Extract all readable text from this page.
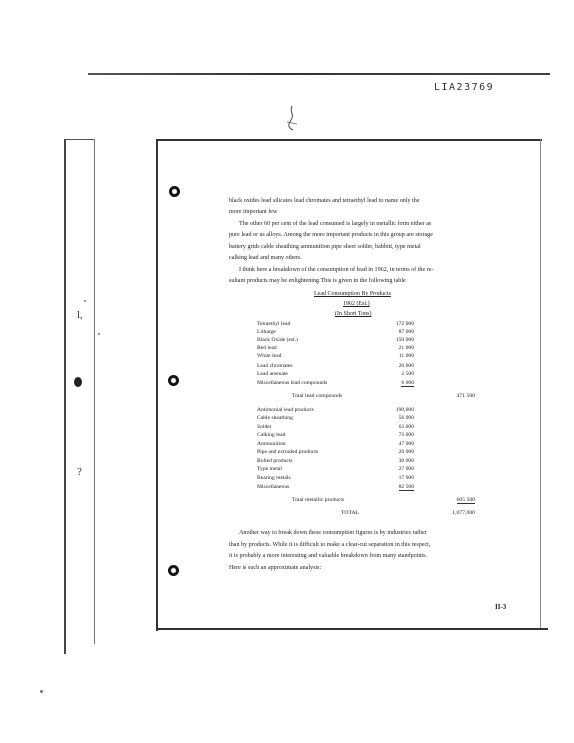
LIA23769
l,
?
black oxides lead silicates lead chromates and tetraethyl lead to name only the
more important few
The other 60 per cent of the lead consumed is largely in metallic form either as
pure lead or as alloys. Among the more important products in this group are storage
battery grids cable sheathing ammunition pipe sheet solder, babbitt, type metal
calking lead and many others.
I think here a breakdown of the consumption of lead in 1962, in terms of the re-
sultant products may be enlightening This is given in the following table
Lead Consumption By Products
1962 (Est.)
(In Short Tons)
Tetraethyl lead	172 000
Litharge	87 000
Black Oxide (est.)	150 000
Red lead	21 000
White lead	11 000
Lead chromates	20 000
Lead arsenate	2 500
Miscellaneous lead compounds	6 000
Total lead compounds	471 500
Antimonial lead products	190,000
Cable sheathing	56 000
Solder	63 000
Calking lead	73 000
Ammunition	47 000
Pipe and extruded products	20 000
Rolled products	30 000
Type metal	27 000
Bearing metals	17 000
Miscellaneous	82 500
Total metallic products	605 500
TOTAL	1,077,000
Another way to break down these consumption figures is by industries rather
than by products. While it is difficult to make a clear-cut separation in this respect,
it is probably a more interesting and valuable breakdown from many standpoints.
Here is such an approximate analysis:
II-3
